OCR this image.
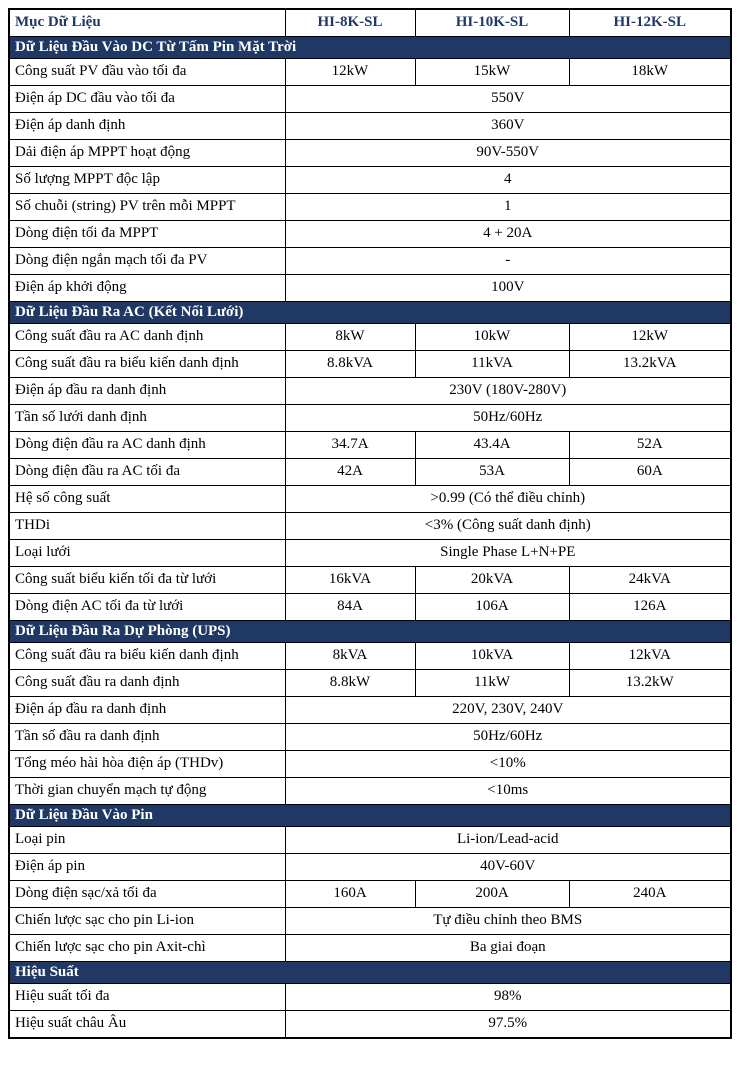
Mục Dữ Liệu	HI-8K-SL	HI-10K-SL	HI-12K-SL
Dữ Liệu Đầu Vào DC Từ Tấm Pin Mặt Trời			
Công suất PV đầu vào tối đa	12kW	15kW	18kW
Điện áp DC đầu vào tối đa	550V		
Điện áp danh định	360V		
Dải điện áp MPPT hoạt động	90V-550V		
Số lượng MPPT độc lập	4		
Số chuỗi (string) PV trên mỗi MPPT	1		
Dòng điện tối đa MPPT	4 + 20A		
Dòng điện ngắn mạch tối đa PV	-		
Điện áp khởi động	100V		
Dữ Liệu Đầu Ra AC (Kết Nối Lưới)			
Công suất đầu ra AC danh định	8kW	10kW	12kW
Công suất đầu ra biểu kiến danh định	8.8kVA	11kVA	13.2kVA
Điện áp đầu ra danh định	230V (180V-280V)		
Tần số lưới danh định	50Hz/60Hz		
Dòng điện đầu ra AC danh định	34.7A	43.4A	52A
Dòng điện đầu ra AC tối đa	42A	53A	60A
Hệ số công suất	>0.99 (Có thể điều chỉnh)		
THDi	<3% (Công suất danh định)		
Loại lưới	Single Phase L+N+PE		
Công suất biểu kiến tối đa từ lưới	16kVA	20kVA	24kVA
Dòng điện AC tối đa từ lưới	84A	106A	126A
Dữ Liệu Đầu Ra Dự Phòng (UPS)			
Công suất đầu ra biểu kiến danh định	8kVA	10kVA	12kVA
Công suất đầu ra danh định	8.8kW	11kW	13.2kW
Điện áp đầu ra danh định	220V, 230V, 240V		
Tần số đầu ra danh định	50Hz/60Hz		
Tổng méo hài hòa điện áp (THDv)	<10%		
Thời gian chuyển mạch tự động	<10ms		
Dữ Liệu Đầu Vào Pin			
Loại pin	Li-ion/Lead-acid		
Điện áp pin	40V-60V		
Dòng điện sạc/xả tối đa	160A	200A	240A
Chiến lược sạc cho pin Li-ion	Tự điều chỉnh theo BMS		
Chiến lược sạc cho pin Axit-chì	Ba giai đoạn		
Hiệu Suất			
Hiệu suất tối đa	98%		
Hiệu suất châu Âu	97.5%		
